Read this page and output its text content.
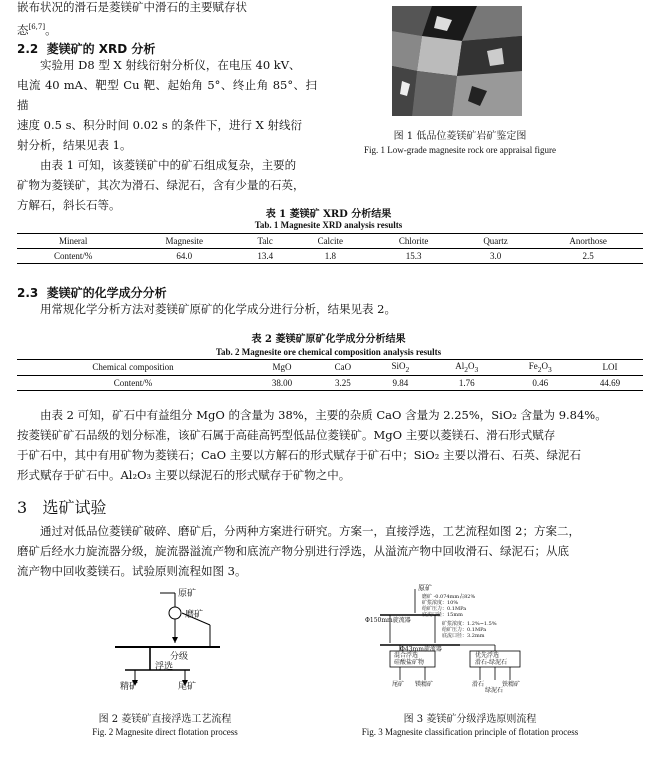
嵌布状况的滑石是菱镁矿中滑石的主要赋存状
态[6,7]。
2.2 菱镁矿的 XRD 分析
实验用 D8 型 X 射线衍射分析仪，在电压 40 kV、
电流 40 mA、靶型 Cu 靶、起始角 5°、终止角 85°、扫描
速度 0.5 s、积分时间 0.02 s 的条件下，进行 X 射线衍
射分析，结果见表 1。
由表 1 可知，该菱镁矿中的矿石组成复杂，主要的
矿物为菱镁矿，其次为滑石、绿泥石，含有少量的石英，
方解石，斜长石等。
图 1 低品位菱镁矿岩矿鉴定图
Fig. 1 Low-grade magnesite rock ore appraisal figure
表 1 菱镁矿 XRD 分析结果
Tab. 1 Magnesite XRD analysis results
Mineral	Magnesite	Talc	Calcite	Chlorite	Quartz	Anorthose
Content/%	64.0	13.4	1.8	15.3	3.0	2.5
2.3 菱镁矿的化学成分分析
用常规化学分析方法对菱镁矿原矿的化学成分进行分析，结果见表 2。
表 2 菱镁矿原矿化学成分分析结果
Tab. 2 Magnesite ore chemical composition analysis results
Chemical composition	MgO	CaO	SiO$_2$	$Al_2O_3$	$Fe_2O_3$	LOI
Content/%	38.00	3.25	9.84	1.76	0.46	44.69
由表 2 可知，矿石中有益组分 MgO 的含量为 38%，主要的杂质 CaO 含量为 2.25%，SiO₂ 含量为 9.84%。
按菱镁矿矿石品级的划分标准，该矿石属于高硅高钙型低品位菱镁矿。MgO 主要以菱镁石、滑石形式赋存
于矿石中，其中有用矿物为菱镁石；CaO 主要以方解石的形式赋存于矿石中；SiO₂ 主要以滑石、石英、绿泥石
形式赋存于矿石中。Al₂O₃ 主要以绿泥石的形式赋存于矿物之中。
3 选矿试验
通过对低品位菱镁矿破碎、磨矿后，分两种方案进行研究。方案一，直接浮选，工艺流程如图 2；方案二，
磨矿后经水力旋流器分级，旋流器溢流产物和底流产物分别进行浮选，从溢流产物中回收滑石、绿泥石；从底
流产物中回收菱镁石。试验原则流程如图 3。
原矿
磨矿
分级
浮选
精矿	尾矿
图 2 菱镁矿直接浮选工艺流程
Fig. 2 Magnesite direct flotation process
原矿
磨矿 -0.074mm占82%
矿浆浓度：10%
给矿压力：0.1MPa
底流口径：15mm
Φ150mm旋流器	矿浆浓度：1.2%~1.5%
给矿压力：0.1MPa
底流口径：3.2mm
Φ43mm旋流器
混合浮选
硅酸盐矿物
优先浮选
滑石-绿泥石
尾矿 镁精矿	滑石
绿泥石
铁精矿
图 3 菱镁矿分级浮选原则流程
Fig. 3 Magnesite classification principle of flotation process
